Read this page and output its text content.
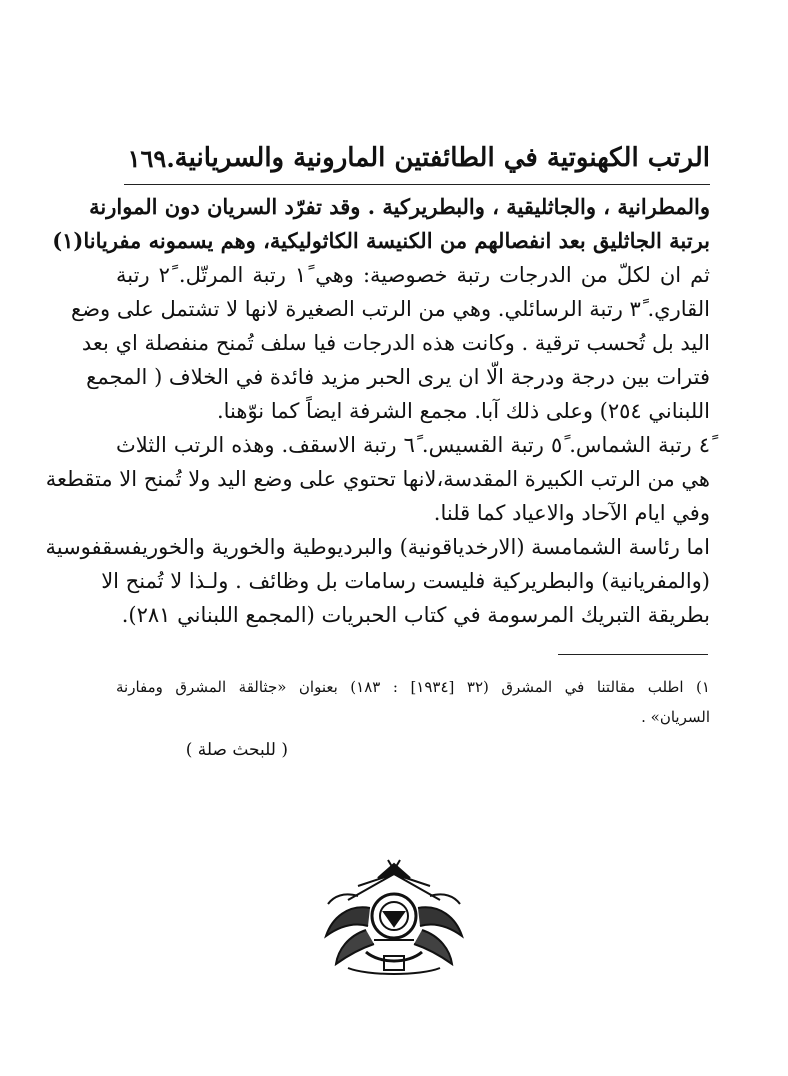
الرتب الكهنوتية في الطائفتين المارونية والسريانية
.١٦٩
والمطرانية ، والجاثليقية ، والبطريركية . وقد تفرّد السريان دون الموارنة
برتبة الجاثليق بعد انفصالهم من الكنيسة الكاثوليكية، وهم يسمونه مفريانا(١)
ثم ان لكلّ من الدرجات رتبة خصوصية: وهي ١ً رتبة المرتّل. ٢ً رتبة
القاري. ٣ً رتبة الرسائلي. وهي من الرتب الصغيرة لانها لا تشتمل على وضع
اليد بل تُحسب ترقية . وكانت هذه الدرجات فيا سلف تُمنح منفصلة اي بعد
فترات بين درجة ودرجة الّا ان يرى الحبر مزيد فائدة في الخلاف ( المجمع
اللبناني ٢٥٤) وعلى ذلك آبا. مجمع الشرفة ايضاً كما نوّهنا.
٤ً رتبة الشماس. ٥ً رتبة القسيس. ٦ً رتبة الاسقف. وهذه الرتب الثلاث
هي من الرتب الكبيرة المقدسة،لانها تحتوي على وضع اليد ولا تُمنح الا متقطعة
وفي ايام الآحاد والاعياد كما قلنا.
اما رئاسة الشمامسة (الارخدياقونية) والبرديوطية والخورية والخوريفسقفوسية
(والمفريانية) والبطريركية فليست رسامات بل وظائف . ولـذا لا تُمنح الا
بطريقة التبريك المرسومة في كتاب الحبريات (المجمع اللبناني ٢٨١).
١) اطلب مقالتنا في المشرق (٣٢ [١٩٣٤] : ١٨٣) بعنوان «جثالقة المشرق ومفارنة
السريان» .
( للبحث صلة )
